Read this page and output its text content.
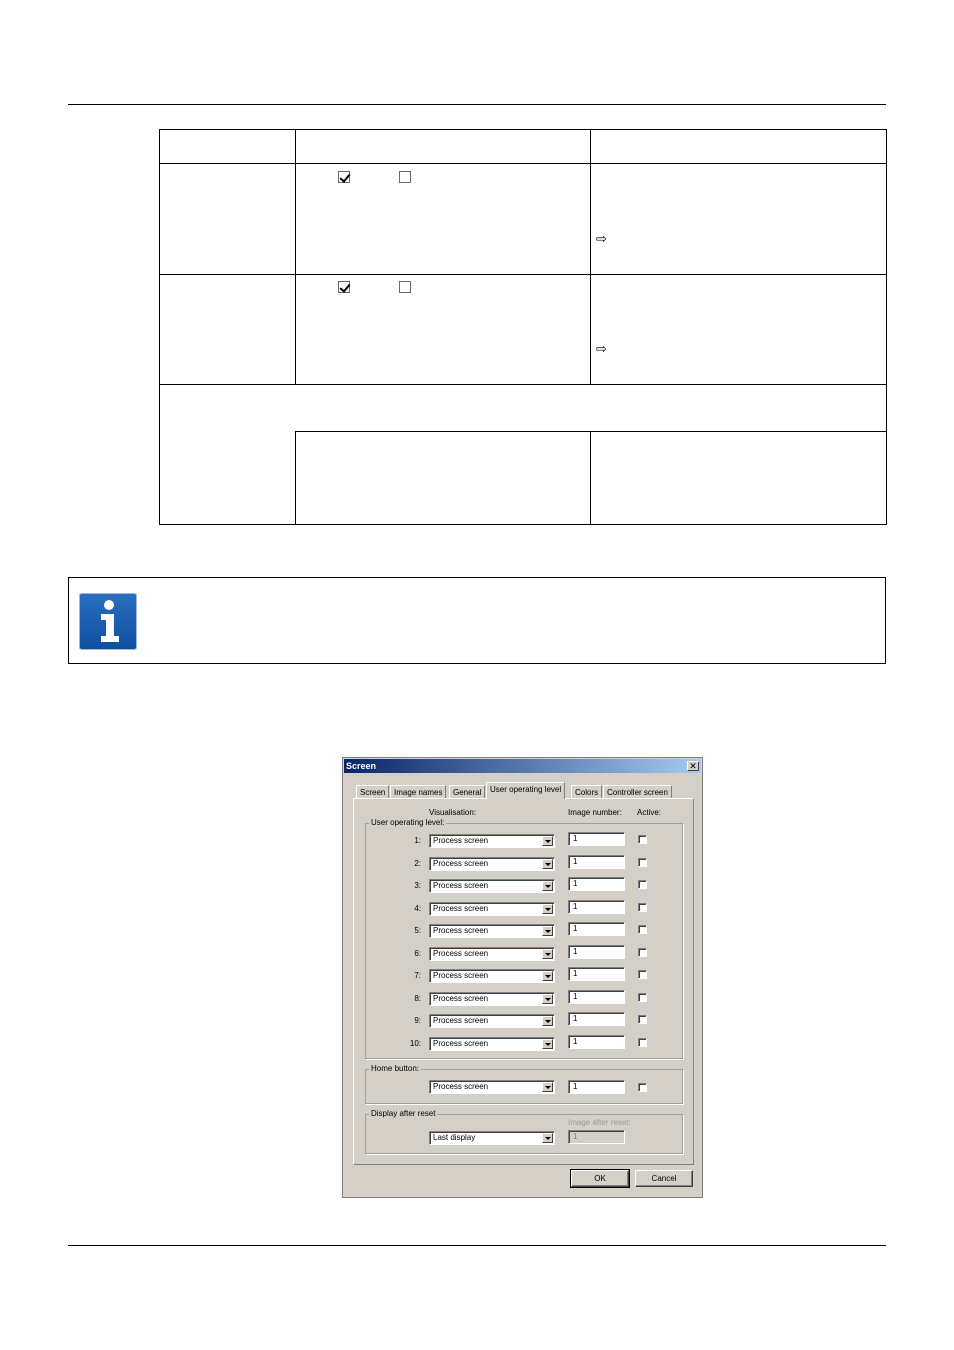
⇨
⇨
Screen	✕
Screen	Image names	General	User operating level	Colors	Controller screen
Visualisation:	Image number: Active:
User operating level:
Home button:
Process screen	1
Display after reset
Image after reset:
Last display	1
OK	Cancel
1:	Process screen	1
2:	Process screen	1
3:	Process screen	1
4:	Process screen	1
5:	Process screen	1
6:	Process screen	1
7:	Process screen	1
8:	Process screen	1
9:	Process screen	1
10:	Process screen	1
